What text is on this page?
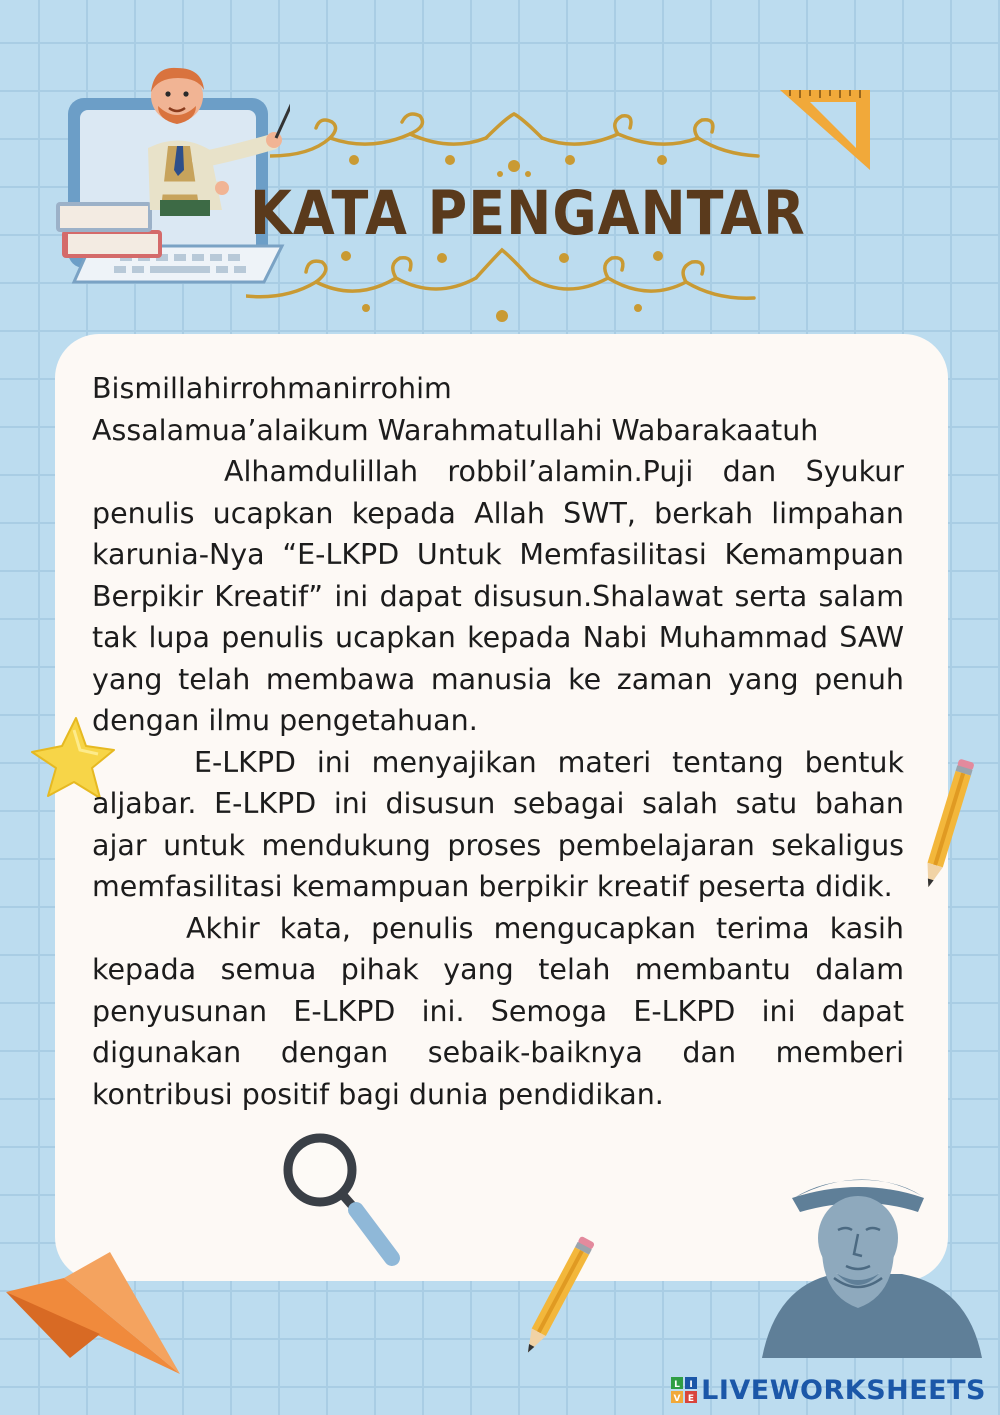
KATA PENGANTAR

Bismillahirrohmanirrohim

Assalamua’alaikum Warahmatullahi Wabarakaatuh

Alhamdulillah robbil’alamin.Puji dan Syukur penulis ucapkan kepada Allah SWT, berkah limpahan karunia-Nya “E-LKPD Untuk Memfasilitasi Kemampuan Berpikir Kreatif” ini dapat disusun.Shalawat serta salam tak lupa penulis ucapkan kepada Nabi Muhammad SAW yang telah membawa manusia ke zaman yang penuh dengan ilmu pengetahuan.

E-LKPD ini menyajikan materi tentang bentuk aljabar. E-LKPD ini disusun sebagai salah satu bahan ajar untuk mendukung proses pembelajaran sekaligus memfasilitasi kemampuan berpikir kreatif peserta didik.

Akhir kata, penulis mengucapkan terima kasih kepada semua pihak yang telah membantu dalam penyusunan E-LKPD ini. Semoga E-LKPD ini dapat digunakan dengan sebaik-baiknya dan memberi kontribusi positif bagi dunia pendidikan.

L I
V E LIVEWORKSHEETS
